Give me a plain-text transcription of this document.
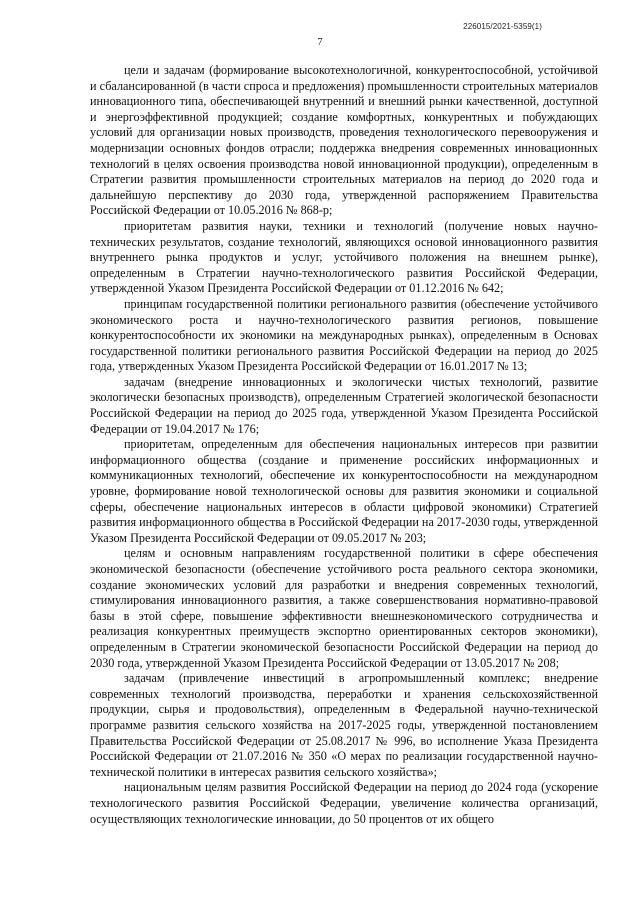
226015/2021-5359(1)
7

цели и задачам (формирование высокотехнологичной, конкурентоспособной, устойчивой и сбалансированной (в части спроса и предложения) промышленности строительных материалов инновационного типа, обеспечивающей внутренний и внешний рынки качественной, доступной и энергоэффективной продукцией; создание комфортных, конкурентных и побуждающих условий для организации новых производств, проведения технологического перевооружения и модернизации основных фондов отрасли; поддержка внедрения современных инновационных технологий в целях освоения производства новой инновационной продукции), определенным в Стратегии развития промышленности строительных материалов на период до 2020 года и дальнейшую перспективу до 2030 года, утвержденной распоряжением Правительства Российской Федерации от 10.05.2016 № 868-р;

приоритетам развития науки, техники и технологий (получение новых научно-технических результатов, создание технологий, являющихся основой инновационного развития внутреннего рынка продуктов и услуг, устойчивого положения на внешнем рынке), определенным в Стратегии научно-технологического развития Российской Федерации, утвержденной Указом Президента Российской Федерации от 01.12.2016 № 642;

принципам государственной политики регионального развития (обеспечение устойчивого экономического роста и научно-технологического развития регионов, повышение конкурентоспособности их экономики на международных рынках), определенным в Основах государственной политики регионального развития Российской Федерации на период до 2025 года, утвержденных Указом Президента Российской Федерации от 16.01.2017 № 13;

задачам (внедрение инновационных и экологически чистых технологий, развитие экологически безопасных производств), определенным Стратегией экологической безопасности Российской Федерации на период до 2025 года, утвержденной Указом Президента Российской Федерации от 19.04.2017 № 176;

приоритетам, определенным для обеспечения национальных интересов при развитии информационного общества (создание и применение российских информационных и коммуникационных технологий, обеспечение их конкурентоспособности на международном уровне, формирование новой технологической основы для развития экономики и социальной сферы, обеспечение национальных интересов в области цифровой экономики) Стратегией развития информационного общества в Российской Федерации на 2017-2030 годы, утвержденной Указом Президента Российской Федерации от 09.05.2017 № 203;

целям и основным направлениям государственной политики в сфере обеспечения экономической безопасности (обеспечение устойчивого роста реального сектора экономики, создание экономических условий для разработки и внедрения современных технологий, стимулирования инновационного развития, а также совершенствования нормативно-правовой базы в этой сфере, повышение эффективности внешнеэкономического сотрудничества и реализация конкурентных преимуществ экспортно ориентированных секторов экономики), определенным в Стратегии экономической безопасности Российской Федерации на период до 2030 года, утвержденной Указом Президента Российской Федерации от 13.05.2017 № 208;

задачам (привлечение инвестиций в агропромышленный комплекс; внедрение современных технологий производства, переработки и хранения сельскохозяйственной продукции, сырья и продовольствия), определенным в Федеральной научно-технической программе развития сельского хозяйства на 2017-2025 годы, утвержденной постановлением Правительства Российской Федерации от 25.08.2017 № 996, во исполнение Указа Президента Российской Федерации от 21.07.2016 № 350 «О мерах по реализации государственной научно-технической политики в интересах развития сельского хозяйства»;

национальным целям развития Российской Федерации на период до 2024 года (ускорение технологического развития Российской Федерации, увеличение количества организаций, осуществляющих технологические инновации, до 50 процентов от их общего
